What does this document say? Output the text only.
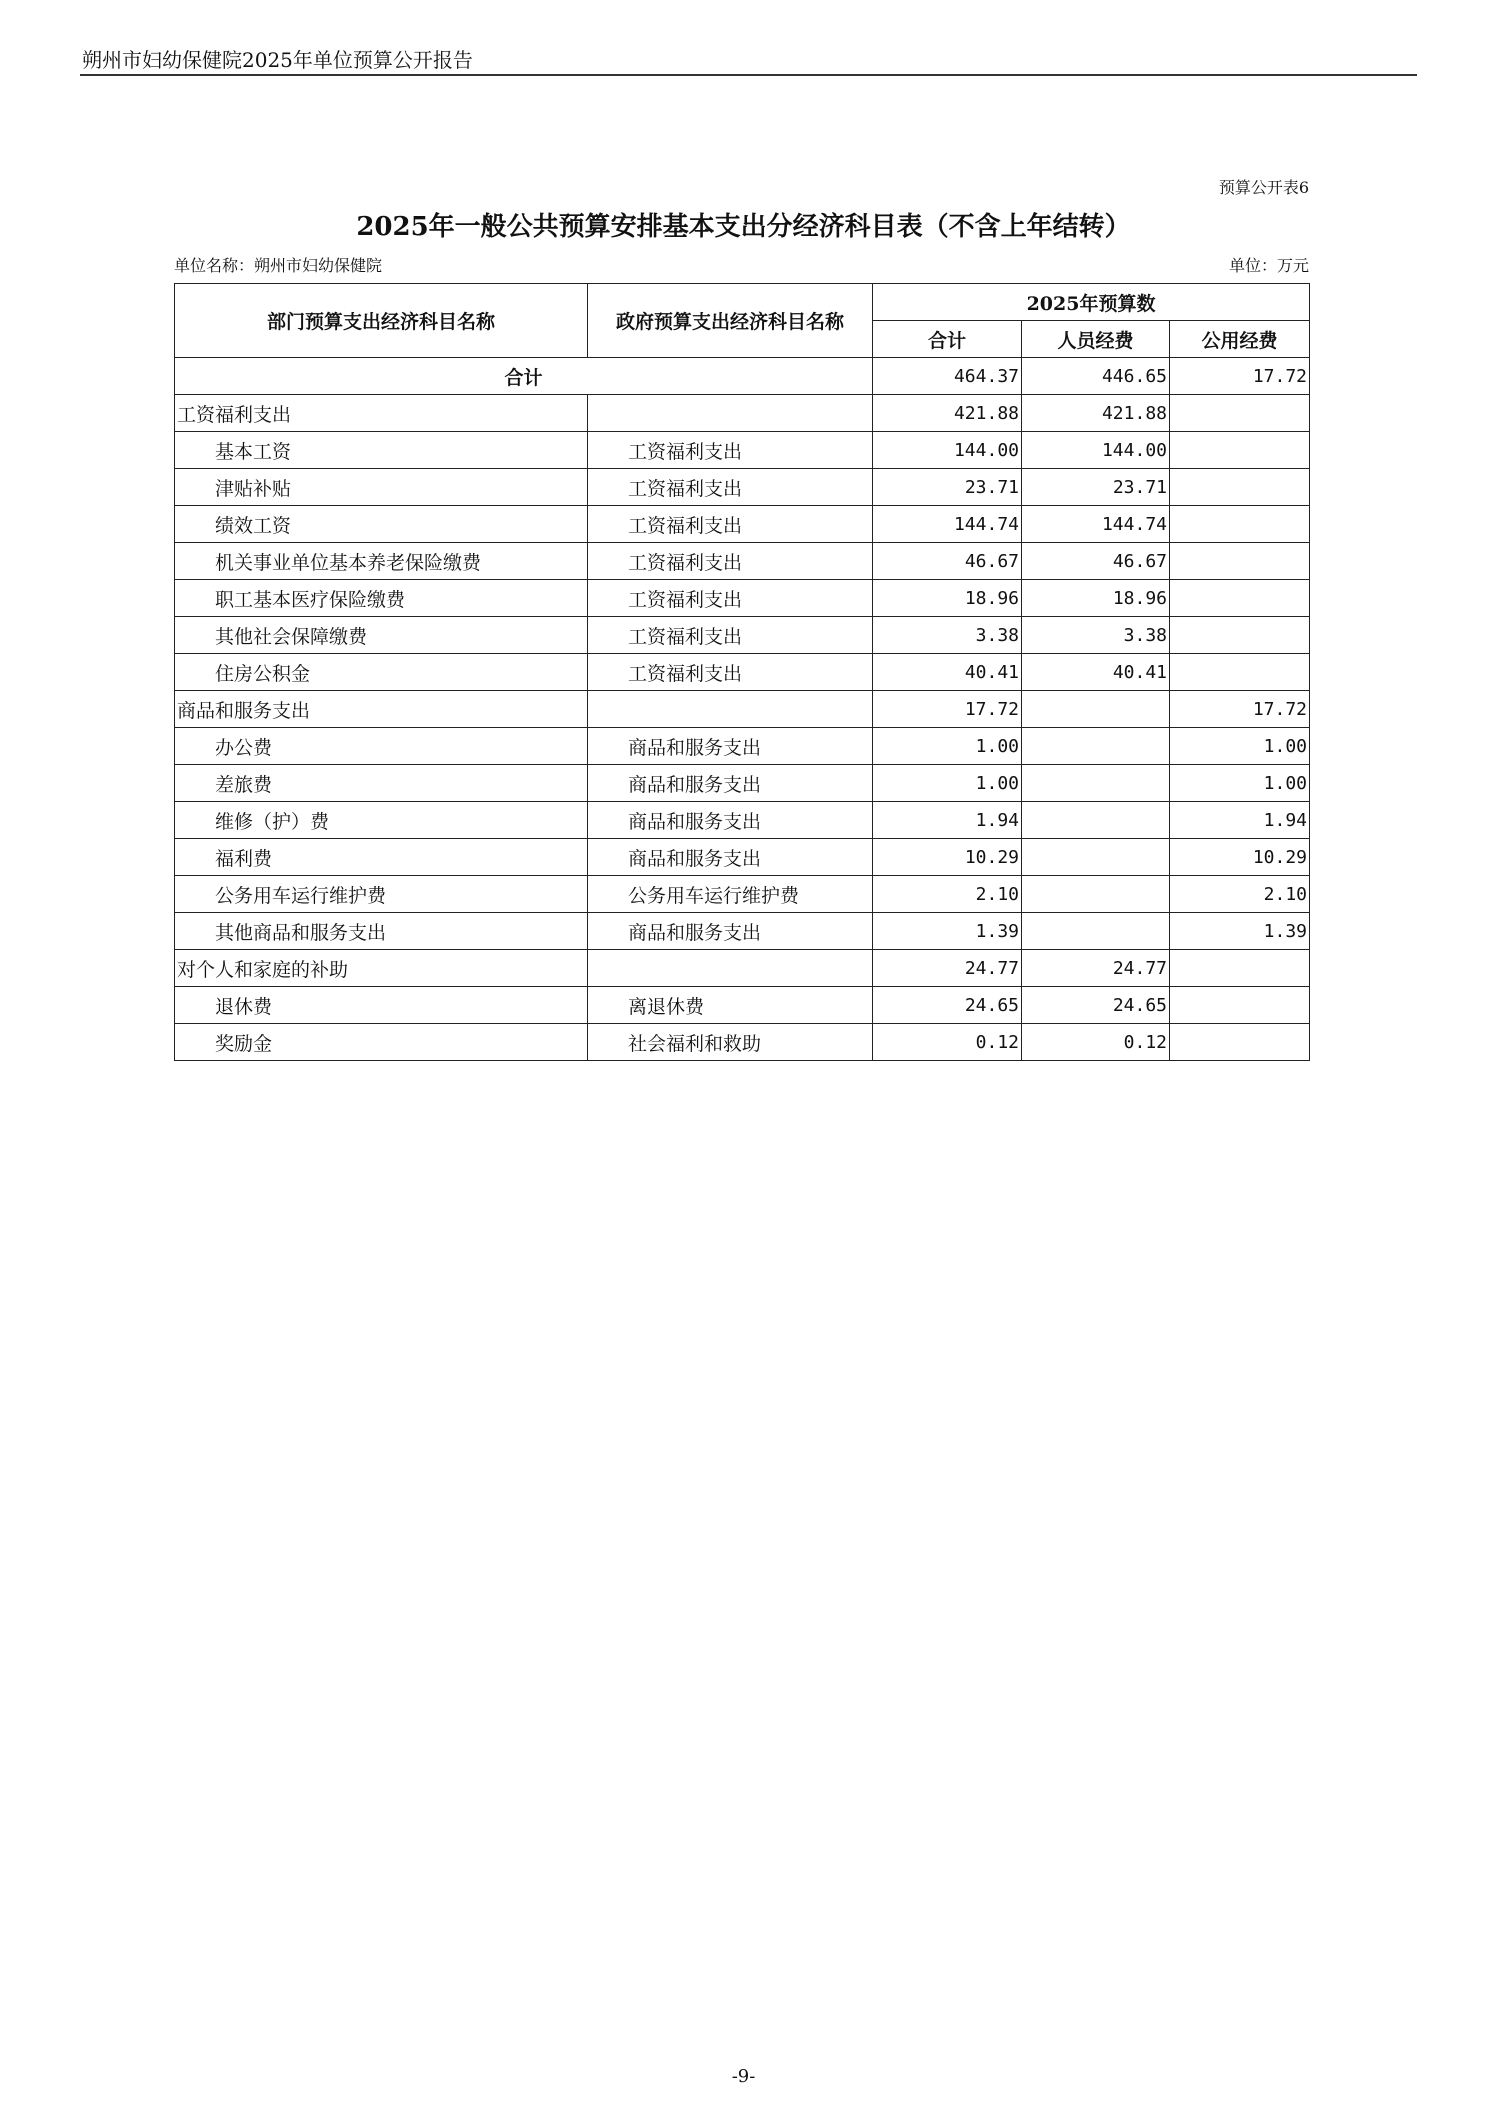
朔州市妇幼保健院2025年单位预算公开报告
预算公开表6
2025年一般公共预算安排基本支出分经济科目表（不含上年结转）
单位名称：朔州市妇幼保健院	单位：万元
部门预算支出经济科目名称	政府预算支出经济科目名称	2025年预算数		
		合计	人员经费	公用经费
合计		464.37	446.65	17.72
工资福利支出		421.88	421.88	
基本工资	工资福利支出	144.00	144.00	
津贴补贴	工资福利支出	23.71	23.71	
绩效工资	工资福利支出	144.74	144.74	
机关事业单位基本养老保险缴费	工资福利支出	46.67	46.67	
职工基本医疗保险缴费	工资福利支出	18.96	18.96	
其他社会保障缴费	工资福利支出	3.38	3.38	
住房公积金	工资福利支出	40.41	40.41	
商品和服务支出		17.72		17.72
办公费	商品和服务支出	1.00		1.00
差旅费	商品和服务支出	1.00		1.00
维修（护）费	商品和服务支出	1.94		1.94
福利费	商品和服务支出	10.29		10.29
公务用车运行维护费	公务用车运行维护费	2.10		2.10
其他商品和服务支出	商品和服务支出	1.39		1.39
对个人和家庭的补助		24.77	24.77	
退休费	离退休费	24.65	24.65	
奖励金	社会福利和救助	0.12	0.12	
-9-
